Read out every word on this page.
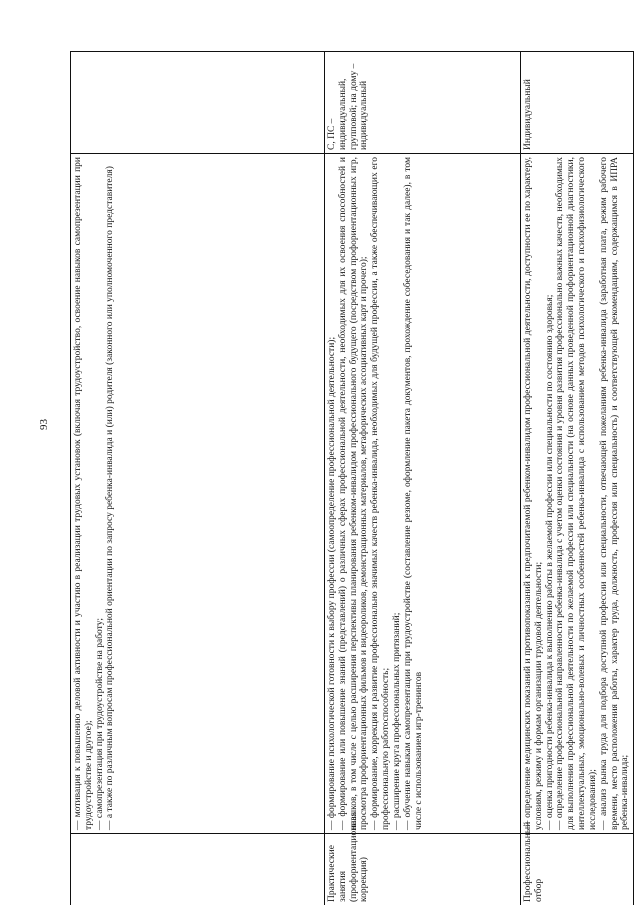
93

	— мотивация к повышению деловой активности и участию в реализации трудовых установок (включая трудоустройство, освоение навыков самопрезентации при трудоустройстве и другое); — самопрезентация при трудоустройстве на работу; — а также по различным вопросам профессиональной ориентации по запросу ребенка-инвалида и (или) родителя (законного или уполномоченного представителя)	

Практические занятия (профориентационная коррекция)	— формирование психологической готовности к выбору профессии (самоопределение профессиональной деятельности); — формирование или повышение знаний (представлений) о различных сферах профессиональной деятельности, необходимых для их освоения способностей и навыков, в том числе с целью расширения перспективы планирования ребенком-инвалидом профессионального будущего (посредством профориентационных игр, просмотра профориентационных фильмов и видеороликов, демонстрационных материалов, метафорических ассоциативных карт и прочего); — формирование, коррекция и развитие профессионально значимых качеств ребенка-инвалида, необходимых для будущей профессии, а также обеспечивающих его профессиональную работоспособность; — расширение круга профессиональных притязаний; — обучение навыкам самопрезентации при трудоустройстве (составление резюме, оформление пакета документов, прохождение собеседования и так далее), в том числе с использованием игр-тренингов	С, ПС – индивидуальный, групповой; на дому – индивидуальный
Профессиональный отбор	— определение медицинских показаний и противопоказаний к предпочитаемой ребенком-инвалидом профессиональной деятельности, доступности ее по характеру, условиям, режиму и формам организации трудовой деятельности; — оценка пригодности ребенка-инвалида к выполнению работы в желаемой профессии или специальности по состоянию здоровья; — определение профессиональной направленности ребенка-инвалида с учетом оценки состояния и уровня развития профессионально важных качеств, необходимых для выполнения профессиональной деятельности по желаемой профессии или специальности (на основе данных проведенной профориентационной диагностики, интеллектуальных, эмоционально-волевых и личностных особенностей ребенка-инвалида с использованием методов психологического и психофизиологического исследования); — анализ рынка труда для подбора доступной профессии или специальности, отвечающей пожеланиям ребенка-инвалида (заработная плата, режим рабочего времени, место расположения работы, характер труда, должность, профессия или специальность) и соответствующей рекомендациям, содержащимся в ИПРА ребенка-инвалида;	Индивидуальный
